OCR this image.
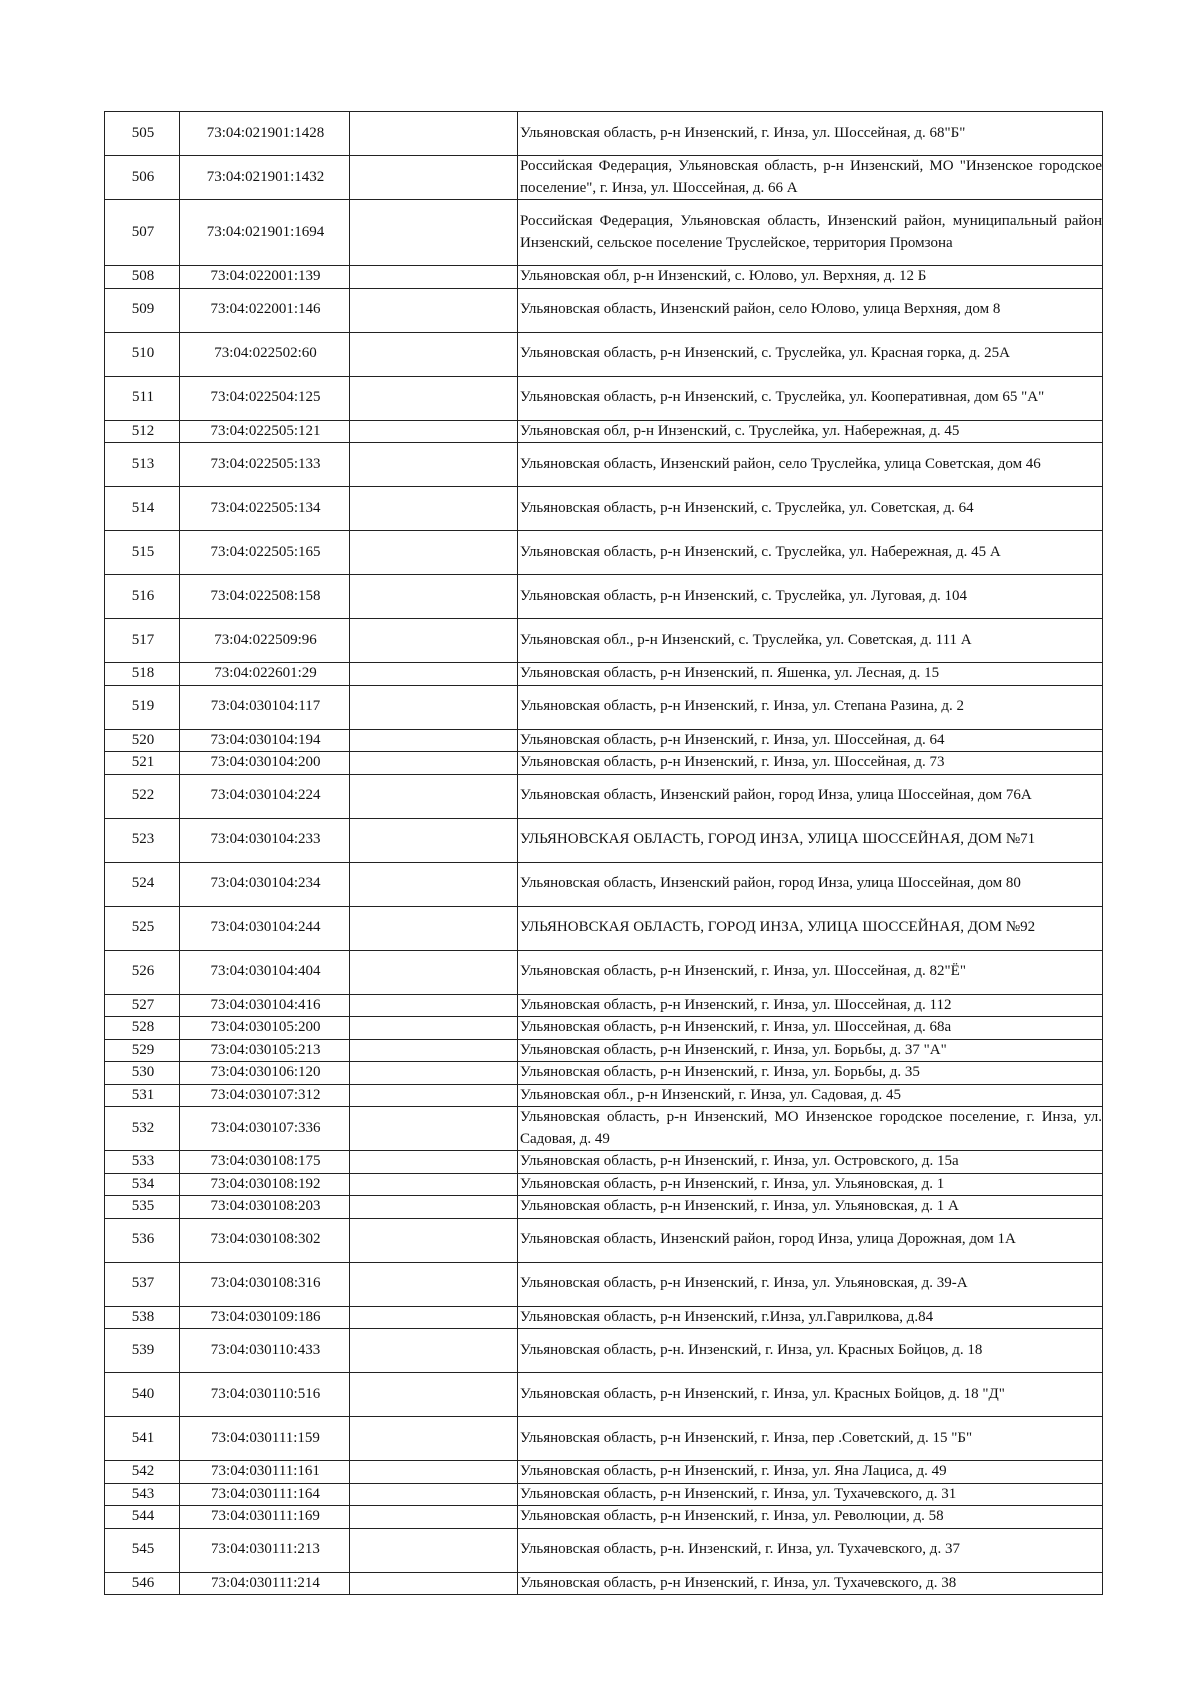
505	73:04:021901:1428		Ульяновская область, р-н Инзенский, г. Инза, ул. Шоссейная, д. 68"Б"
506	73:04:021901:1432		Российская Федерация, Ульяновская область, р-н Инзенский, МО "Инзенское городское поселение", г. Инза, ул. Шоссейная, д. 66 А
507	73:04:021901:1694		Российская Федерация, Ульяновская область, Инзенский район, муниципальный район Инзенский, сельское поселение Труслейское, территория Промзона
508	73:04:022001:139		Ульяновская обл, р-н Инзенский, с. Юлово, ул. Верхняя, д. 12 Б
509	73:04:022001:146		Ульяновская область, Инзенский район, село Юлово, улица Верхняя, дом 8
510	73:04:022502:60		Ульяновская область, р-н Инзенский, с. Труслейка, ул. Красная горка, д. 25А
511	73:04:022504:125		Ульяновская область, р-н Инзенский, с. Труслейка, ул. Кооперативная, дом 65 "А"
512	73:04:022505:121		Ульяновская обл, р-н Инзенский, с. Труслейка, ул. Набережная, д. 45
513	73:04:022505:133		Ульяновская область, Инзенский район, село Труслейка, улица Советская, дом 46
514	73:04:022505:134		Ульяновская область, р-н Инзенский, с. Труслейка, ул. Советская, д. 64
515	73:04:022505:165		Ульяновская область, р-н Инзенский, с. Труслейка, ул. Набережная, д. 45 А
516	73:04:022508:158		Ульяновская область, р-н Инзенский, с. Труслейка, ул. Луговая, д. 104
517	73:04:022509:96		Ульяновская обл., р-н Инзенский, с. Труслейка, ул. Советская, д. 111 А
518	73:04:022601:29		Ульяновская область, р-н Инзенский, п. Яшенка, ул. Лесная, д. 15
519	73:04:030104:117		Ульяновская область, р-н Инзенский, г. Инза, ул. Степана Разина, д. 2
520	73:04:030104:194		Ульяновская область, р-н Инзенский, г. Инза, ул. Шоссейная, д. 64
521	73:04:030104:200		Ульяновская область, р-н Инзенский, г. Инза, ул. Шоссейная, д. 73
522	73:04:030104:224		Ульяновская область, Инзенский район, город Инза, улица Шоссейная, дом 76А
523	73:04:030104:233		УЛЬЯНОВСКАЯ ОБЛАСТЬ, ГОРОД ИНЗА, УЛИЦА ШОССЕЙНАЯ, ДОМ №71
524	73:04:030104:234		Ульяновская область, Инзенский район, город Инза, улица Шоссейная, дом 80
525	73:04:030104:244		УЛЬЯНОВСКАЯ ОБЛАСТЬ, ГОРОД ИНЗА, УЛИЦА ШОССЕЙНАЯ, ДОМ №92
526	73:04:030104:404		Ульяновская область, р-н Инзенский, г. Инза, ул. Шоссейная, д. 82"Ё"
527	73:04:030104:416		Ульяновская область, р-н Инзенский, г. Инза, ул. Шоссейная, д. 112
528	73:04:030105:200		Ульяновская область, р-н Инзенский, г. Инза, ул. Шоссейная, д. 68а
529	73:04:030105:213		Ульяновская область, р-н Инзенский, г. Инза, ул. Борьбы, д. 37 "А"
530	73:04:030106:120		Ульяновская область, р-н Инзенский, г. Инза, ул. Борьбы, д. 35
531	73:04:030107:312		Ульяновская обл., р-н Инзенский, г. Инза, ул. Садовая, д. 45
532	73:04:030107:336		Ульяновская область, р-н Инзенский, МО Инзенское городское поселение, г. Инза, ул. Садовая, д. 49
533	73:04:030108:175		Ульяновская область, р-н Инзенский, г. Инза, ул. Островского, д. 15а
534	73:04:030108:192		Ульяновская область, р-н Инзенский, г. Инза, ул. Ульяновская, д. 1
535	73:04:030108:203		Ульяновская область, р-н Инзенский, г. Инза, ул. Ульяновская, д. 1 А
536	73:04:030108:302		Ульяновская область, Инзенский район, город Инза, улица Дорожная, дом 1А
537	73:04:030108:316		Ульяновская область, р-н Инзенский, г. Инза, ул. Ульяновская, д. 39-А
538	73:04:030109:186		Ульяновская область, р-н Инзенский, г.Инза, ул.Гаврилкова, д.84
539	73:04:030110:433		Ульяновская область, р-н. Инзенский, г. Инза, ул. Красных Бойцов, д. 18
540	73:04:030110:516		Ульяновская область, р-н Инзенский, г. Инза, ул. Красных Бойцов, д. 18 "Д"
541	73:04:030111:159		Ульяновская область, р-н Инзенский, г. Инза, пер .Советский, д. 15 "Б"
542	73:04:030111:161		Ульяновская область, р-н Инзенский, г. Инза, ул. Яна Лациса, д. 49
543	73:04:030111:164		Ульяновская область, р-н Инзенский, г. Инза, ул. Тухачевского, д. 31
544	73:04:030111:169		Ульяновская область, р-н Инзенский, г. Инза, ул. Революции, д. 58
545	73:04:030111:213		Ульяновская область, р-н. Инзенский, г. Инза, ул. Тухачевского, д. 37
546	73:04:030111:214		Ульяновская область, р-н Инзенский, г. Инза, ул. Тухачевского, д. 38
